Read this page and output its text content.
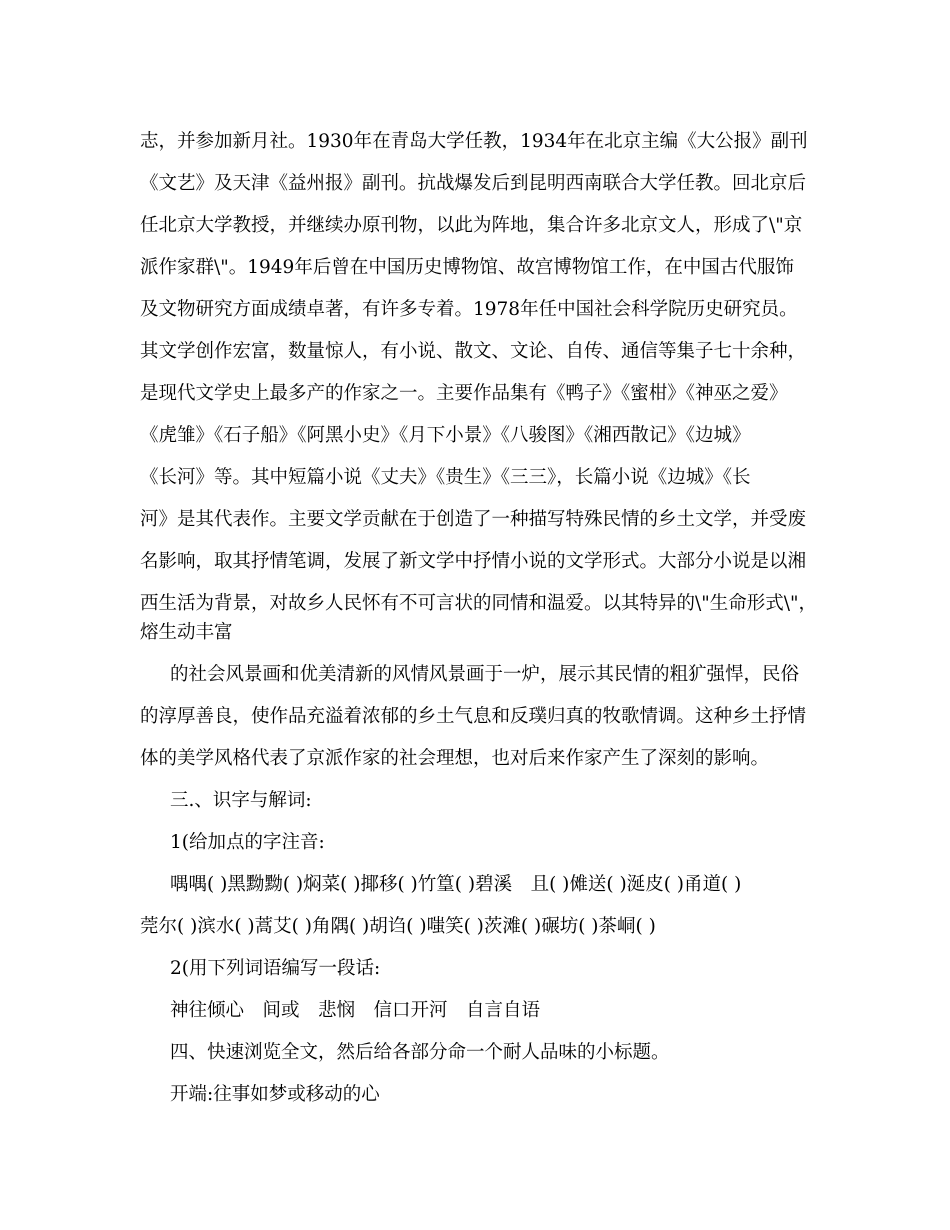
志，并参加新月社。1930年在青岛大学任教，1934年在北京主编《大公报》副刊
《文艺》及天津《益州报》副刊。抗战爆发后到昆明西南联合大学任教。回北京后
任北京大学教授，并继续办原刊物，以此为阵地，集合许多北京文人，形成了\"京
派作家群\"。1949年后曾在中国历史博物馆、故宫博物馆工作，在中国古代服饰
及文物研究方面成绩卓著，有许多专着。1978年任中国社会科学院历史研究员。
其文学创作宏富，数量惊人，有小说、散文、文论、自传、通信等集子七十余种，
是现代文学史上最多产的作家之一。主要作品集有《鸭子》《蜜柑》《神巫之爱》
《虎雏》《石子船》《阿黑小史》《月下小景》《八骏图》《湘西散记》《边城》
《长河》等。其中短篇小说《丈夫》《贵生》《三三》，长篇小说《边城》《长
河》是其代表作。主要文学贡献在于创造了一种描写特殊民情的乡土文学，并受废
名影响，取其抒情笔调，发展了新文学中抒情小说的文学形式。大部分小说是以湘
西生活为背景，对故乡人民怀有不可言状的同情和温爱。以其特异的\"生命形式\"，
熔生动丰富
的社会风景画和优美清新的风情风景画于一炉，展示其民情的粗犷强悍，民俗
的淳厚善良，使作品充溢着浓郁的乡土气息和反璞归真的牧歌情调。这种乡土抒情
体的美学风格代表了京派作家的社会理想，也对后来作家产生了深刻的影响。
三.、识字与解词:
1(给加点的字注音:
喁喁( )黑黝黝( )焖菜( )揶移( )竹篁( )碧溪　且( )傩送( )涎皮( )甬道( )
莞尔( )滨水( )蒿艾( )角隅( )胡诌( )嗤笑( )茨滩( )碾坊( )茶峒( )
2(用下列词语编写一段话:
神往倾心　间或　悲悯　信口开河　自言自语
四、快速浏览全文，然后给各部分命一个耐人品味的小标题。
开端:往事如梦或移动的心
